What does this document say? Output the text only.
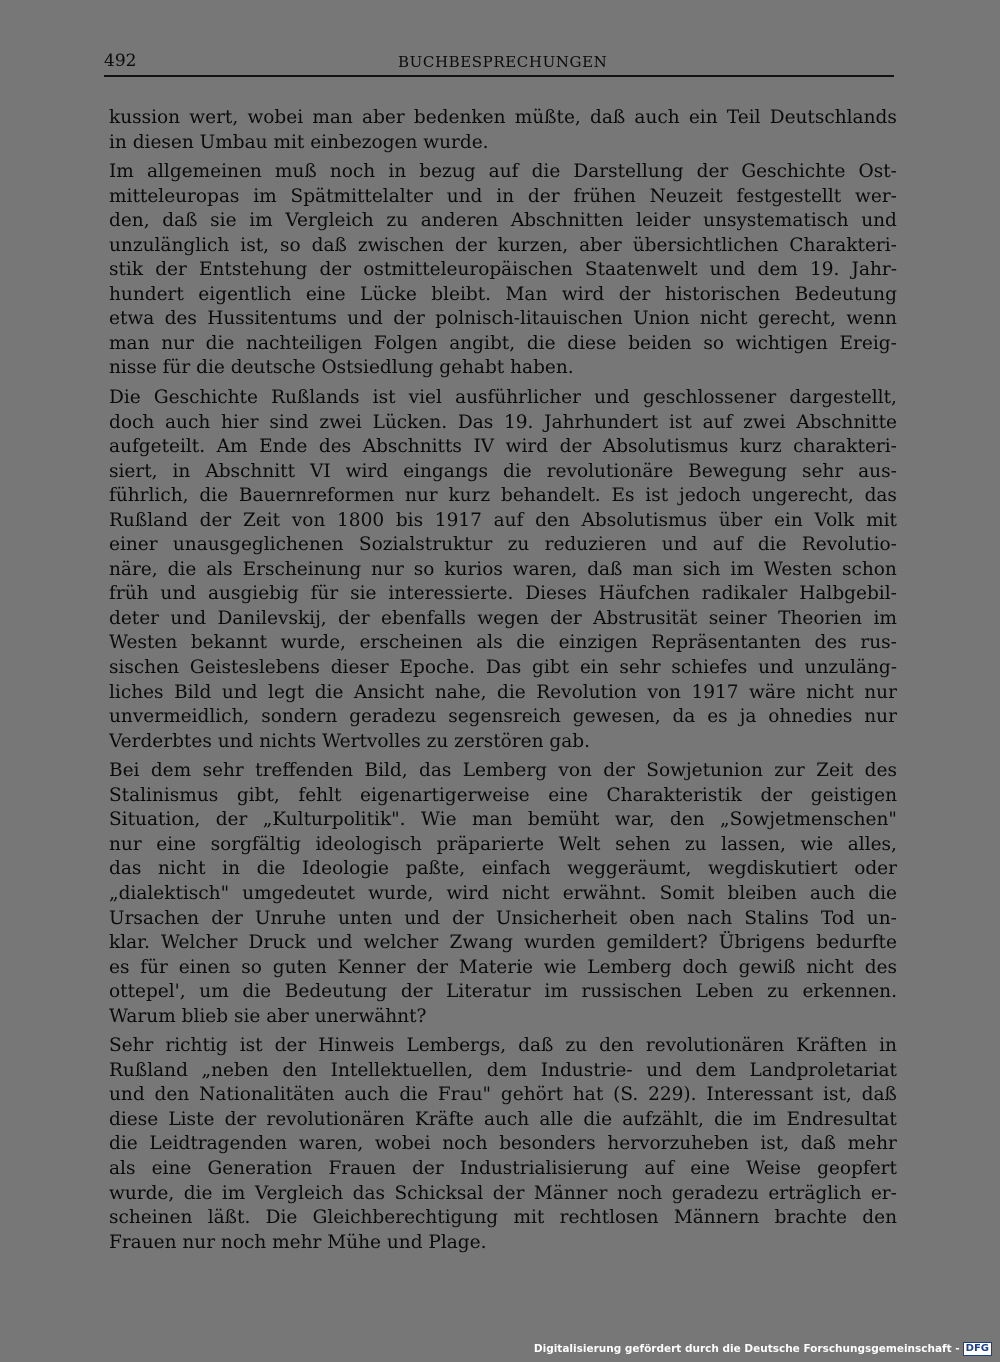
492	BUCHBESPRECHUNGEN
kussion wert, wobei man aber bedenken müßte, daß auch ein Teil Deutschlands
in diesen Umbau mit einbezogen wurde.
Im allgemeinen muß noch in bezug auf die Darstellung der Geschichte Ost-
mitteleuropas im Spätmittelalter und in der frühen Neuzeit festgestellt wer-
den, daß sie im Vergleich zu anderen Abschnitten leider unsystematisch und
unzulänglich ist, so daß zwischen der kurzen, aber übersichtlichen Charakteri-
stik der Entstehung der ostmitteleuropäischen Staatenwelt und dem 19. Jahr-
hundert eigentlich eine Lücke bleibt. Man wird der historischen Bedeutung
etwa des Hussitentums und der polnisch-litauischen Union nicht gerecht, wenn
man nur die nachteiligen Folgen angibt, die diese beiden so wichtigen Ereig-
nisse für die deutsche Ostsiedlung gehabt haben.
Die Geschichte Rußlands ist viel ausführlicher und geschlossener dargestellt,
doch auch hier sind zwei Lücken. Das 19. Jahrhundert ist auf zwei Abschnitte
aufgeteilt. Am Ende des Abschnitts IV wird der Absolutismus kurz charakteri-
siert, in Abschnitt VI wird eingangs die revolutionäre Bewegung sehr aus-
führlich, die Bauernreformen nur kurz behandelt. Es ist jedoch ungerecht, das
Rußland der Zeit von 1800 bis 1917 auf den Absolutismus über ein Volk mit
einer unausgeglichenen Sozialstruktur zu reduzieren und auf die Revolutio-
näre, die als Erscheinung nur so kurios waren, daß man sich im Westen schon
früh und ausgiebig für sie interessierte. Dieses Häufchen radikaler Halbgebil-
deter und Danilevskij, der ebenfalls wegen der Abstrusität seiner Theorien im
Westen bekannt wurde, erscheinen als die einzigen Repräsentanten des rus-
sischen Geisteslebens dieser Epoche. Das gibt ein sehr schiefes und unzuläng-
liches Bild und legt die Ansicht nahe, die Revolution von 1917 wäre nicht nur
unvermeidlich, sondern geradezu segensreich gewesen, da es ja ohnedies nur
Verderbtes und nichts Wertvolles zu zerstören gab.
Bei dem sehr treffenden Bild, das Lemberg von der Sowjetunion zur Zeit des
Stalinismus gibt, fehlt eigenartigerweise eine Charakteristik der geistigen
Situation, der „Kulturpolitik". Wie man bemüht war, den „Sowjetmenschen"
nur eine sorgfältig ideologisch präparierte Welt sehen zu lassen, wie alles,
das nicht in die Ideologie paßte, einfach weggeräumt, wegdiskutiert oder
„dialektisch" umgedeutet wurde, wird nicht erwähnt. Somit bleiben auch die
Ursachen der Unruhe unten und der Unsicherheit oben nach Stalins Tod un-
klar. Welcher Druck und welcher Zwang wurden gemildert? Übrigens bedurfte
es für einen so guten Kenner der Materie wie Lemberg doch gewiß nicht des
ottepel', um die Bedeutung der Literatur im russischen Leben zu erkennen.
Warum blieb sie aber unerwähnt?
Sehr richtig ist der Hinweis Lembergs, daß zu den revolutionären Kräften in
Rußland „neben den Intellektuellen, dem Industrie- und dem Landproletariat
und den Nationalitäten auch die Frau" gehört hat (S. 229). Interessant ist, daß
diese Liste der revolutionären Kräfte auch alle die aufzählt, die im Endresultat
die Leidtragenden waren, wobei noch besonders hervorzuheben ist, daß mehr
als eine Generation Frauen der Industrialisierung auf eine Weise geopfert
wurde, die im Vergleich das Schicksal der Männer noch geradezu erträglich er-
scheinen läßt. Die Gleichberechtigung mit rechtlosen Männern brachte den
Frauen nur noch mehr Mühe und Plage.
Digitalisierung gefördert durch die Deutsche Forschungsgemeinschaft - DFG
